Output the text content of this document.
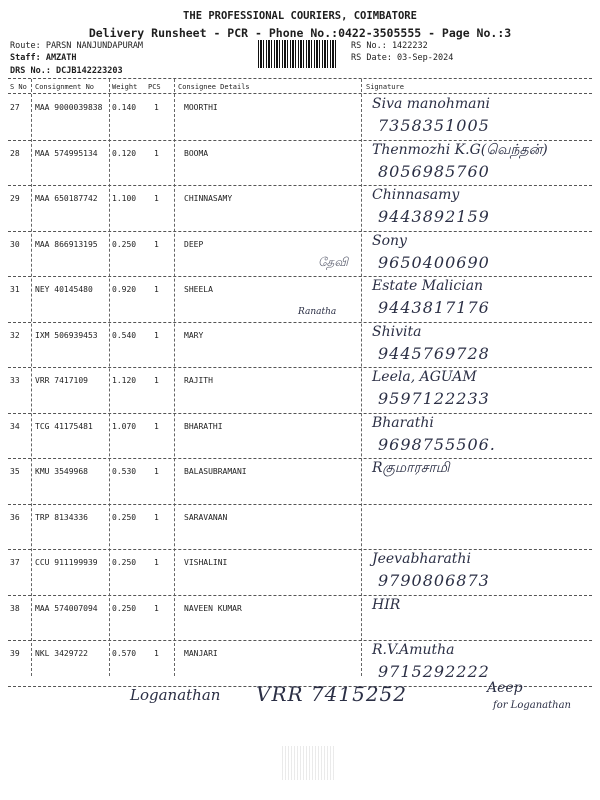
THE PROFESSIONAL COURIERS, COIMBATORE
Delivery Runsheet - PCR - Phone No.:0422-3505555 - Page No.:3
Route: PARSN NANJUNDAPURAM
Staff: AMZATH
DRS No.: DCJB142223203
RS No.: 1422232
RS Date: 03-Sep-2024
S No Consignment No	Weight PCS Consignee Details	Signature
27 MAA 9000039838 0.140 1	MOORTHI	Siva manohmani
7358351005
28 MAA 574995134 0.120 1	BOOMA	Thenmozhi K.G(வெந்தன்)
8056985760
29 MAA 650187742 1.100 1	CHINNASAMY	Chinnasamy
9443892159
30 MAA 866913195 0.250 1	DEEP	Sony
9650400690
31 NEY 40145480 0.920 1	SHEELA	Estate Malician
9443817176
32 IXM 506939453 0.540 1	MARY	Shivita
9445769728
33 VRR 7417109	1.120 1	RAJITH	Leela, AGUAM
9597122233
34 TCG 41175481 1.070 1	BHARATHI	Bharathi
9698755506.
35 KMU 3549968	0.530 1	BALASUBRAMANI	Rகுமாரசாமி
36 TRP 8134336	0.250 1	SARAVANAN
37 CCU 911199939 0.250 1	VISHALINI	Jeevabharathi
9790806873
38 MAA 574007094 0.250 1	NAVEEN KUMAR	HIR
39 NKL 3429722	0.570 1	MANJARI	R.V.Amutha
9715292222
தேவி
Ranatha
Loganathan VRR 7415252	Aeep
for Loganathan
